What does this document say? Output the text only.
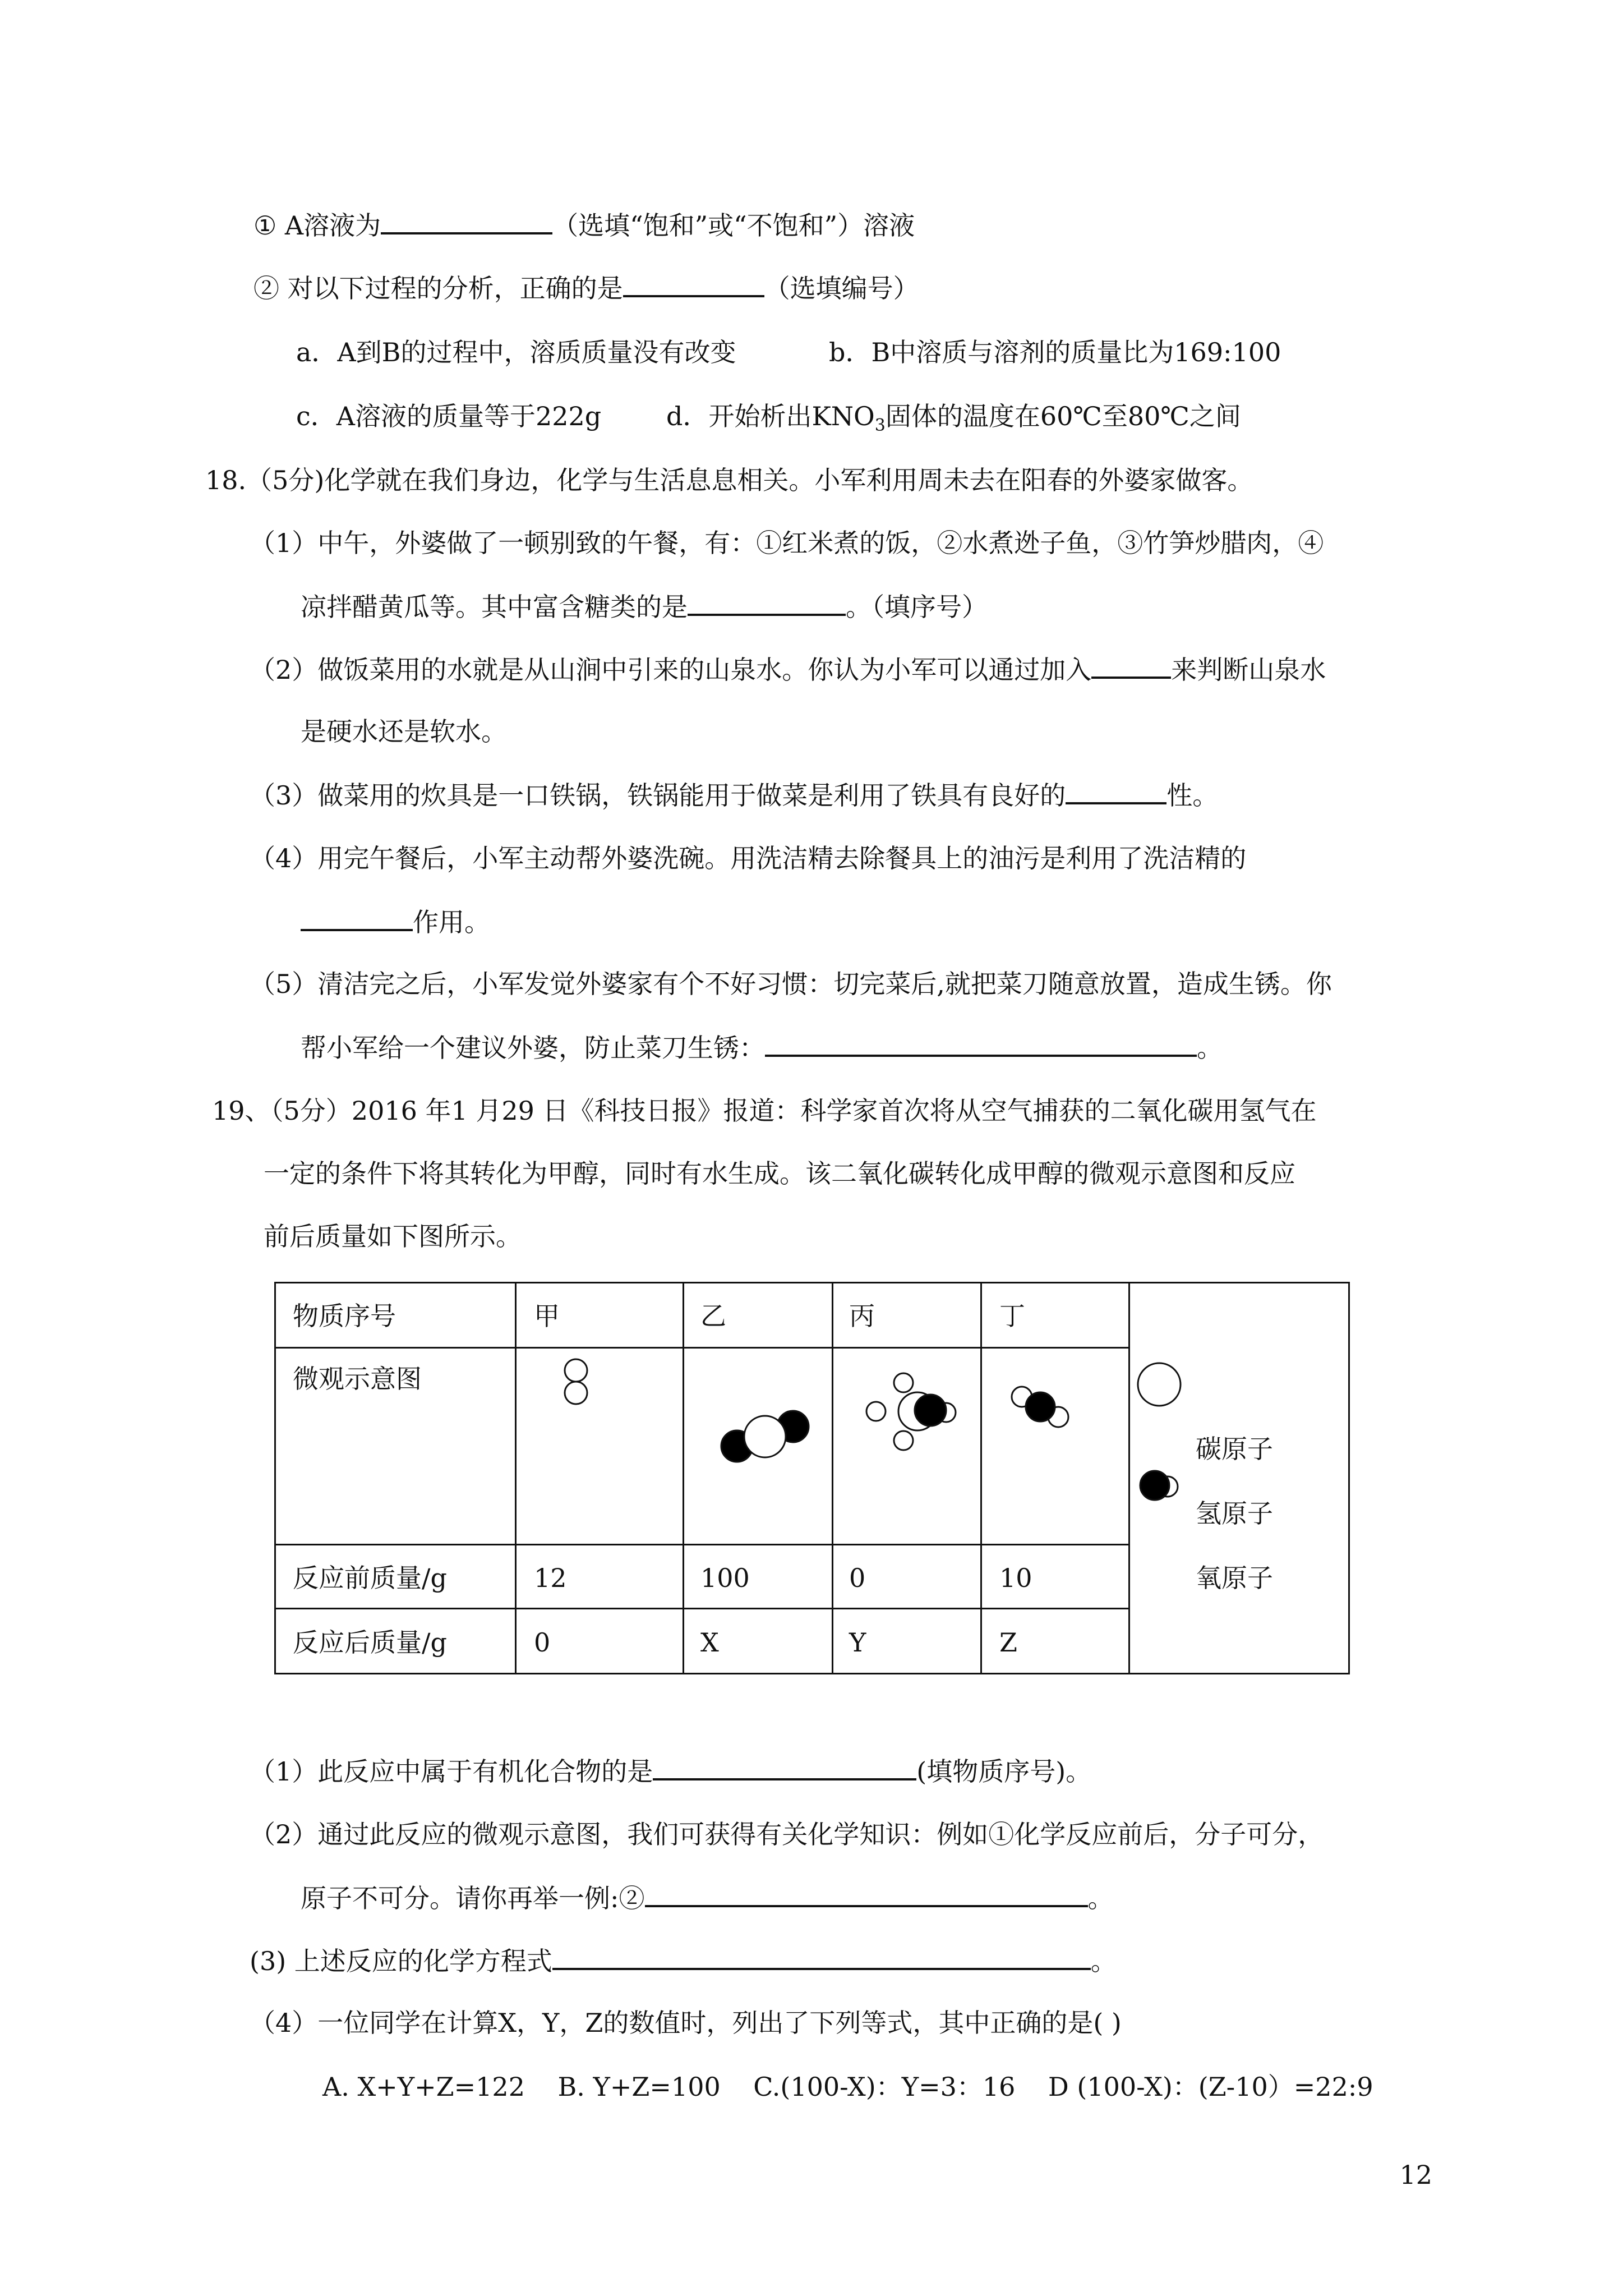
① A溶液为	（选填“饱和”或“不饱和”）溶液
② 对以下过程的分析，正确的是	（选填编号）
a．A到B的过程中，溶质质量没有改变	b．B中溶质与溶剂的质量比为169:100
c．A溶液的质量等于222g	d．开始析出$KNO_3$固体的温度在60℃至80℃之间
18.（5分)化学就在我们身边，化学与生活息息相关。小军利用周未去在阳春的外婆家做客。
（1）中午，外婆做了一顿别致的午餐，有：①红米煮的饭，②水煮迯子鱼，③竹笋炒腊肉，④
凉拌醋黄瓜等。其中富含糖类的是	。（填序号）
（2）做饭菜用的水就是从山涧中引来的山泉水。你认为小军可以通过加入	来判断山泉水
是硬水还是软水。
（3）做菜用的炊具是一口铁锅，铁锅能用于做菜是利用了铁具有良好的	性。
（4）用完午餐后，小军主动帮外婆洗碗。用洗洁精去除餐具上的油污是利用了洗洁精的
作用。
（5）清洁完之后，小军发觉外婆家有个不好习惯：切完菜后,就把菜刀随意放置，造成生锈。你
帮小军给一个建议外婆，防止菜刀生锈：	。
19、（5分）2016 年1 月29 日《科技日报》报道：科学家首次将从空气捕获的二氧化碳用氢气在
一定的条件下将其转化为甲醇，同时有水生成。该二氧化碳转化成甲醇的微观示意图和反应
前后质量如下图所示。
物质序号	甲	乙	丙	丁
微观示意图
反应前质量/g	12	100	0	10
反应后质量/g	0	X	Y	Z
碳原子
氢原子
氧原子
（1）此反应中属于有机化合物的是	(填物质序号)。
（2）通过此反应的微观示意图，我们可获得有关化学知识：例如①化学反应前后，分子可分，
原子不可分。请你再举一例:②	。
(3) 上述反应的化学方程式	。
（4）一位同学在计算X，Y，Z的数值时，列出了下列等式，其中正确的是( )
A. X+Y+Z=122    B. Y+Z=100    C.(100-X)：Y=3：16    D (100-X)：(Z-10）=22:9
12
